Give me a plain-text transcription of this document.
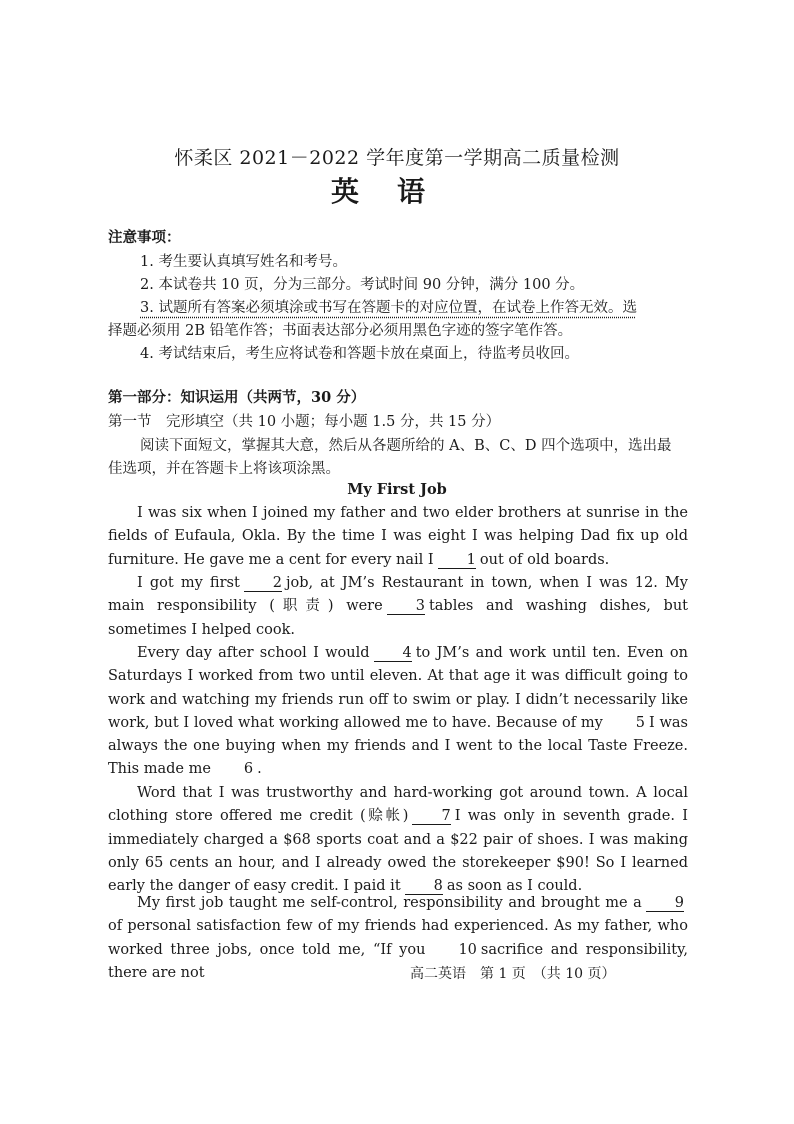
怀柔区 2021－2022 学年度第一学期高二质量检测
英语
注意事项：
1. 考生要认真填写姓名和考号。
2. 本试卷共 10 页，分为三部分。考试时间 90 分钟，满分 100 分。
3. 试题所有答案必须填涂或书写在答题卡的对应位置，在试卷上作答无效。选
择题必须用 2B 铅笔作答；书面表达部分必须用黑色字迹的签字笔作答。
4. 考试结束后，考生应将试卷和答题卡放在桌面上，待监考员收回。
第一部分：知识运用（共两节，30 分）
第一节　完形填空（共 10 小题；每小题 1.5 分，共 15 分）
阅读下面短文，掌握其大意，然后从各题所给的 A、B、C、D 四个选项中，选出最
佳选项，并在答题卡上将该项涂黑。
My First Job
I was six when I joined my father and two elder brothers at sunrise in the fields of Eufaula, Okla. By the time I was eight I was helping Dad fix up old furniture. He gave me a cent for every nail I 1 out of old boards.
I got my first 2 job, at JM’s Restaurant in town, when I was 12. My main responsibility (职责) were 3 tables and washing dishes, but sometimes I helped cook.
Every day after school I would 4 to JM’s and work until ten. Even on Saturdays I worked from two until eleven. At that age it was difficult going to work and watching my friends run off to swim or play. I didn’t necessarily like work, but I loved what working allowed me to have. Because of my 5 I was always the one buying when my friends and I went to the local Taste Freeze. This made me 6 .
Word that I was trustworthy and hard-working got around town. A local clothing store offered me credit (赊帐) 7 I was only in seventh grade. I immediately charged a $68 sports coat and a $22 pair of shoes. I was making only 65 cents an hour, and I already owed the storekeeper $90! So I learned early the danger of easy credit. I paid it 8 as soon as I could.
My first job taught me self-control, responsibility and brought me a 9of personal satisfaction few of my friends had experienced. As my father, who worked three jobs, once told me, “If you 10 sacrifice and responsibility, there are not	高二英语　第 1 页　（共 10 页）
